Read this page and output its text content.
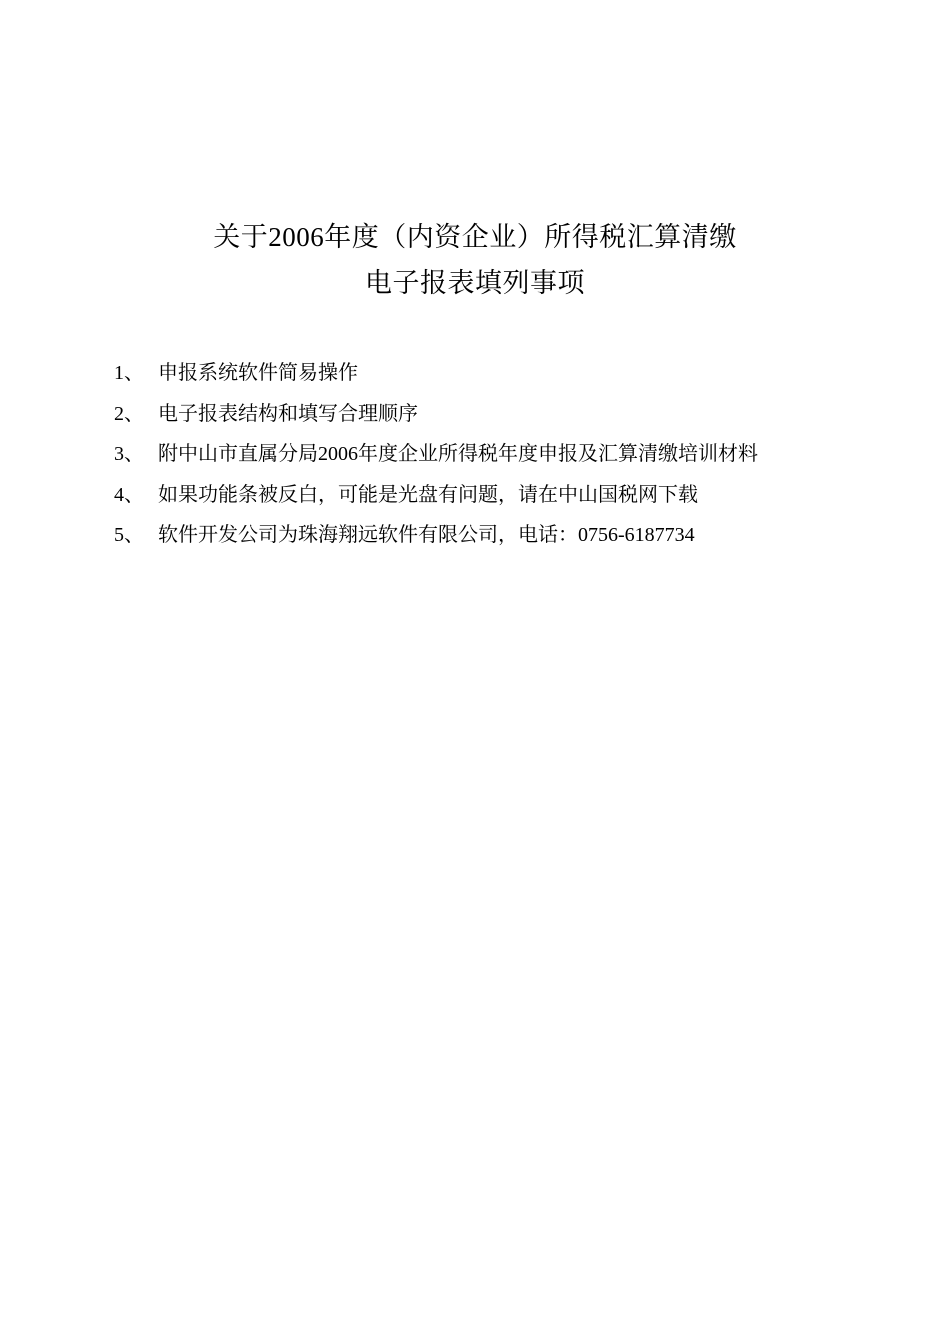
关于2006年度（内资企业）所得税汇算清缴
电子报表填列事项
1、 申报系统软件简易操作
2、 电子报表结构和填写合理顺序
3、 附中山市直属分局2006年度企业所得税年度申报及汇算清缴培训材料
4、 如果功能条被反白，可能是光盘有问题，请在中山国税网下载
5、 软件开发公司为珠海翔远软件有限公司，电话：0756-6187734
